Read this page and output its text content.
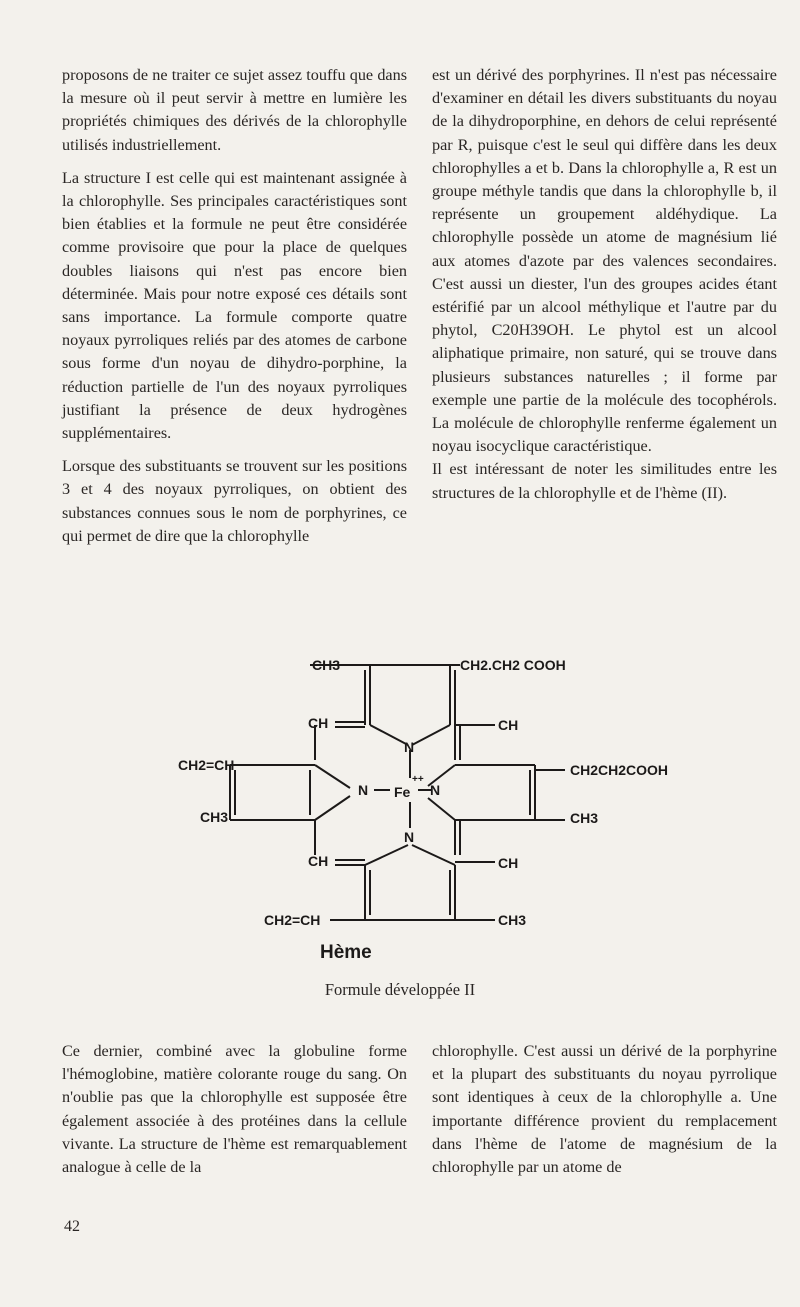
proposons de ne traiter ce sujet assez touffu que dans la mesure où il peut servir à mettre en lumière les propriétés chimiques des dérivés de la chlorophylle utilisés industriellement.

La structure I est celle qui est maintenant assignée à la chlorophylle. Ses principales caractéristiques sont bien établies et la formule ne peut être considérée comme provisoire que pour la place de quelques doubles liaisons qui n'est pas encore bien déterminée. Mais pour notre exposé ces détails sont sans importance. La formule comporte quatre noyaux pyrroliques reliés par des atomes de carbone sous forme d'un noyau de dihydro-porphine, la réduction partielle de l'un des noyaux pyrroliques justifiant la présence de deux hydrogènes supplémentaires.

Lorsque des substituants se trouvent sur les positions 3 et 4 des noyaux pyrroliques, on obtient des substances connues sous le nom de porphyrines, ce qui permet de dire que la chlorophylle

est un dérivé des porphyrines. Il n'est pas nécessaire d'examiner en détail les divers substituants du noyau de la dihydroporphine, en dehors de celui représenté par R, puisque c'est le seul qui diffère dans les deux chlorophylles a et b. Dans la chlorophylle a, R est un groupe méthyle tandis que dans la chlorophylle b, il représente un groupement aldéhydique. La chlorophylle possède un atome de magnésium lié aux atomes d'azote par des valences secondaires. C'est aussi un diester, l'un des groupes acides étant estérifié par un alcool méthylique et l'autre par du phytol, C20H39OH. Le phytol est un alcool aliphatique primaire, non saturé, qui se trouve dans plusieurs substances naturelles ; il forme par exemple une partie de la molécule des tocophérols. La molécule de chlorophylle renferme également un noyau isocyclique caractéristique.

Il est intéressant de noter les similitudes entre les structures de la chlorophylle et de l'hème (II).

CH3	CH2.CH2 COOH
CH	CH
N
CH2=CH
CH3
N Fe
++
N
CH2CH2COOH
CH3
N
CH	CH
CH2=CH	CH3
Hème
Formule développée II

Ce dernier, combiné avec la globuline forme l'hémoglobine, matière colorante rouge du sang. On n'oublie pas que la chlorophylle est supposée être également associée à des protéines dans la cellule vivante. La structure de l'hème est remarquablement analogue à celle de la

chlorophylle. C'est aussi un dérivé de la porphyrine et la plupart des substituants du noyau pyrrolique sont identiques à ceux de la chlorophylle a. Une importante différence provient du remplacement dans l'hème de l'atome de magnésium de la chlorophylle par un atome de

42
